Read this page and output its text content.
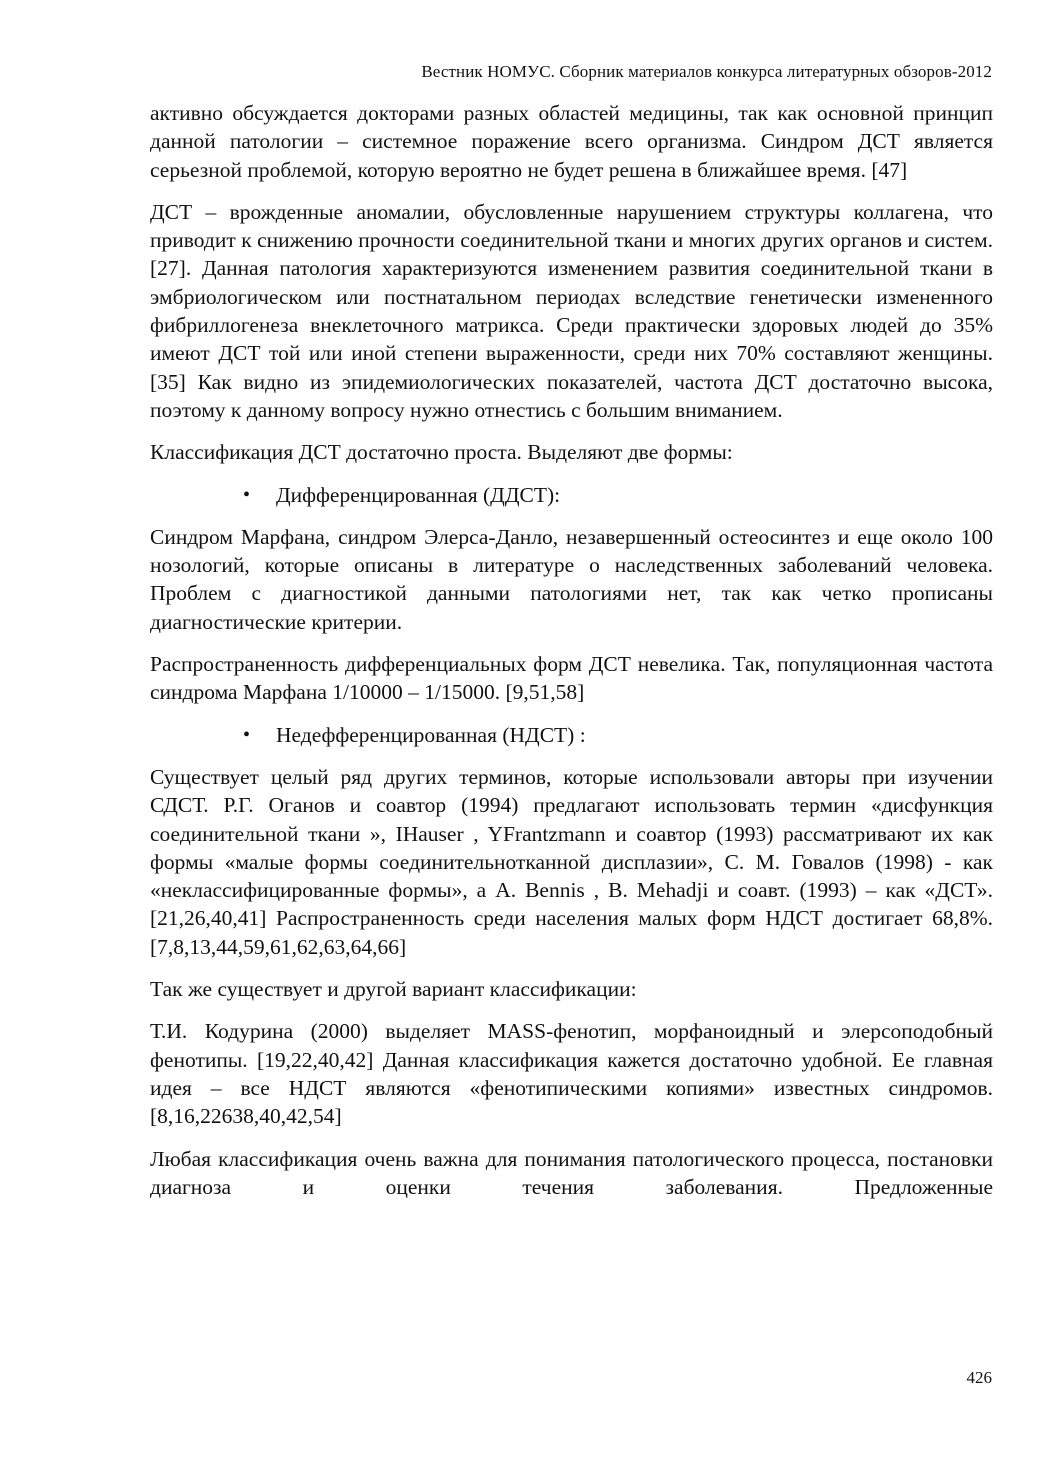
Вестник НОМУС. Сборник материалов конкурса литературных обзоров-2012

активно обсуждается докторами разных областей медицины, так как основной принцип данной патологии – системное поражение всего организма. Синдром ДСТ является серьезной проблемой, которую вероятно не будет решена в ближайшее время. [47]

ДСТ – врожденные аномалии, обусловленные нарушением структуры коллагена, что приводит к снижению прочности соединительной ткани и многих других органов и систем.[27]. Данная патология характеризуются изменением развития соединительной ткани в эмбриологическом или постнатальном периодах вследствие генетически измененного фибриллогенеза внеклеточного матрикса. Среди практически здоровых людей до 35% имеют ДСТ той или иной степени выраженности, среди них 70% составляют женщины. [35] Как видно из эпидемиологических показателей, частота ДСТ достаточно высока, поэтому к данному вопросу нужно отнестись с большим вниманием.

Классификация ДСТ достаточно проста. Выделяют две формы:

• Дифференцированная (ДДСТ):

Синдром Марфана, синдром Элерса-Данло, незавершенный остеосинтез и еще около 100 нозологий, которые описаны в литературе о наследственных заболеваний человека. Проблем с диагностикой данными патологиями нет, так как четко прописаны диагностические критерии.

Распространенность дифференциальных форм ДСТ невелика. Так, популяционная частота синдрома Марфана 1/10000 – 1/15000. [9,51,58]

• Недефференцированная (НДСТ) :

Существует целый ряд других терминов, которые использовали авторы при изучении СДСТ. Р.Г. Оганов и соавтор (1994) предлагают использовать термин «дисфункция соединительной ткани », IHauser , YFrantzmann и соавтор (1993) рассматривают их как формы «малые формы соединительнотканной дисплазии», С. М. Говалов (1998) - как «неклассифицированные формы», а А. Bennis , B. Mehadji и соавт. (1993) – как «ДСТ». [21,26,40,41] Распространенность среди населения малых форм НДСТ достигает 68,8%. [7,8,13,44,59,61,62,63,64,66]

Так же существует и другой вариант классификации:

Т.И. Кодурина (2000) выделяет MASS-фенотип, морфаноидный и элерсоподобный фенотипы. [19,22,40,42] Данная классификация кажется достаточно удобной. Ее главная идея – все НДСТ являются «фенотипическими копиями» известных синдромов. [8,16,22638,40,42,54]

Любая классификация очень важна для понимания патологического процесса, постановки диагноза и оценки течения заболевания. Предложенные

426
